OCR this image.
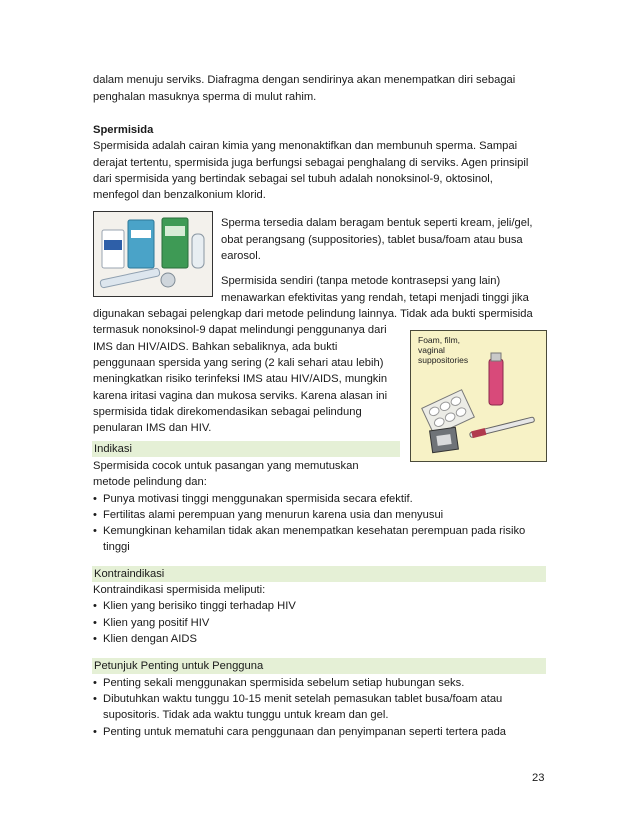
dalam menuju serviks. Diafragma dengan sendirinya akan menempatkan diri sebagai
penghalan masuknya sperma di mulut rahim.
Spermisida
Spermisida adalah cairan kimia yang menonaktifkan dan membunuh sperma. Sampai
derajat tertentu, spermisida juga berfungsi sebagai penghalang di serviks. Agen prinsipil
dari spermisida yang bertindak sebagai sel tubuh adalah nonoksinol-9, oktosinol,
menfegol dan benzalkonium klorid.
Sperma tersedia dalam beragam bentuk seperti kream, jeli/gel,
obat perangsang (suppositories), tablet busa/foam atau busa
earosol.
Spermisida sendiri (tanpa metode kontrasepsi yang lain)
menawarkan efektivitas yang rendah, tetapi menjadi tinggi jika
digunakan sebagai pelengkap dari metode pelindung lainnya. Tidak ada bukti spermisida
termasuk nonoksinol-9 dapat melindungi penggunanya dari
IMS dan HIV/AIDS. Bahkan sebaliknya, ada bukti
penggunaan spersida yang sering (2 kali sehari atau lebih)
meningkatkan risiko terinfeksi IMS atau HIV/AIDS, mungkin
karena iritasi vagina dan mukosa serviks. Karena alasan ini
spermisida tidak direkomendasikan sebagai pelindung
penularan IMS dan HIV.
Foam, film,
vaginal
suppositories
Indikasi
Spermisida cocok untuk pasangan yang memutuskan
metode pelindung dan:
• Punya motivasi tinggi menggunakan spermisida secara efektif.
• Fertilitas alami perempuan yang menurun karena usia dan menyusui
• Kemungkinan kehamilan tidak akan menempatkan kesehatan perempuan pada risiko
tinggi
Kontraindikasi
Kontraindikasi spermisida meliputi:
• Klien yang berisiko tinggi terhadap HIV
• Klien yang positif HIV
• Klien dengan AIDS
Petunjuk Penting untuk Pengguna
• Penting sekali menggunakan spermisida sebelum setiap hubungan seks.
• Dibutuhkan waktu tunggu 10-15 menit setelah pemasukan tablet busa/foam atau
supositoris. Tidak ada waktu tunggu untuk kream dan gel.
• Penting untuk mematuhi cara penggunaan dan penyimpanan seperti tertera pada
23
